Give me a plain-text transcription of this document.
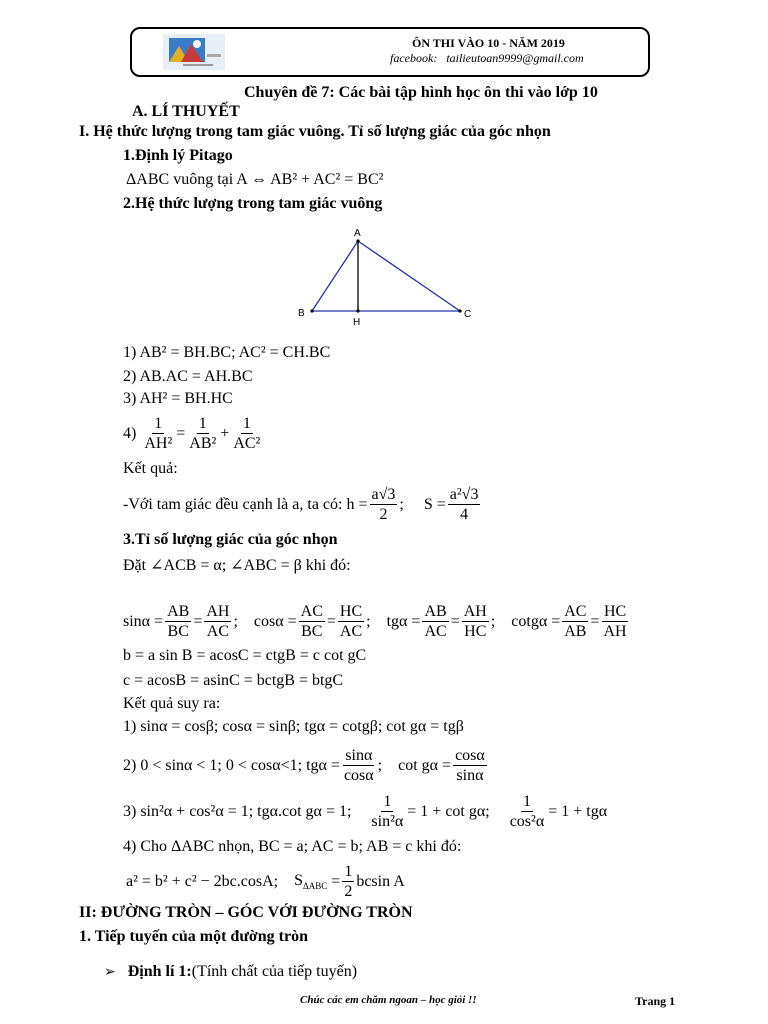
ÔN THI VÀO 10 - NĂM 2019
facebook: tailieutoan9999@gmail.com
Chuyên đề 7: Các bài tập hình học ôn thi vào lớp 10
A. LÍ THUYẾT
I. Hệ thức lượng trong tam giác vuông. Tỉ số lượng giác của góc nhọn
1.Định lý Pitago
ΔABC vuông tại A ⇔ AB² + AC² = BC²
2.Hệ thức lượng trong tam giác vuông
A
B
H
C
1) AB² = BH.BC; AC² = CH.BC
2) AB.AC = AH.BC
3) AH² = BH.HC
4)
$\frac{1}{\text{AH²}} = \frac{1}{\text{AB²}} + \frac{1}{\text{AC²}}$
Kết quả:
-Với tam giác đều cạnh là a, ta có:
$h = \frac{a√3}{2}$ ;
$S = \frac{\text{a²√3}}{4}$
3.Tỉ số lượng giác của góc nhọn
Đặt ∠ACB = α; ∠ABC = β khi đó:
$\sin\alpha = \frac{AB}{BC} = \frac{AH}{AC}$ ;
$\cos\alpha = \frac{AC}{BC} = \frac{HC}{AC}$ ;
$tg\alpha = \frac{AB}{AC} = \frac{AH}{HC}$ ;
$\cot g\alpha = \frac{AC}{AB} = \frac{HC}{AH}$
b = a sin B = acosC = ctgB = c cot gC
c = acosB = asinC = bctgB = btgC
Kết quả suy ra:
1) sinα = cosβ; cosα = sinβ; tgα = cotgβ; cot gα = tgβ
2) 0 < sinα < 1; 0 < cosα<1; $tg\alpha = \frac{\sin\alpha}{\cos\alpha}$ ;
$\cot g\alpha = \frac{\cos\alpha}{\sin\alpha}$
3) sin²α + cos²α = 1; tgα.cot gα = 1;
$\frac{1}{\text{sin²α}} = 1 + \cot g\alpha$;
$\frac{1}{\text{cos²α}} = 1 + tg\alpha$
4) Cho ΔABC nhọn, BC = a; AC = b; AB = c khi đó:
a² = b² + c² − 2bc.cosA;
$S_{\Delta ABC}$
= $\frac{1}{2}$ bcsin A
II: ĐƯỜNG TRÒN – GÓC VỚI ĐƯỜNG TRÒN
1. Tiếp tuyến của một đường tròn
➢ Định lí 1:(Tính chất của tiếp tuyến)
Chúc các em chăm ngoan – học giỏi !!	Trang 1
